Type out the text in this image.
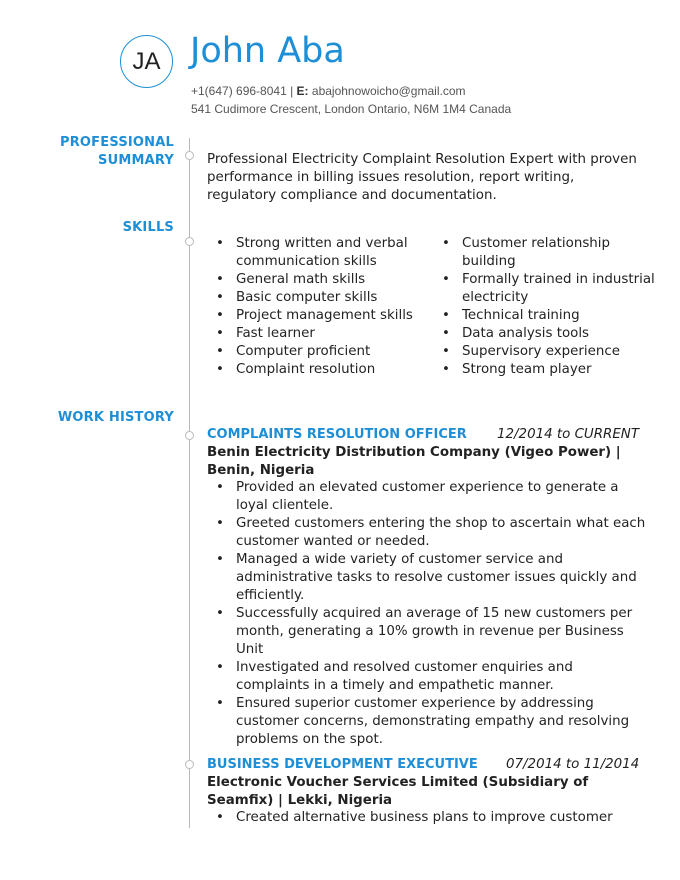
JA John Aba
+1(647) 696-8041 | E: abajohnowoicho@gmail.com
541 Cudimore Crescent, London Ontario, N6M 1M4 Canada
PROFESSIONAL
SUMMARY Professional Electricity Complaint Resolution Expert with proven
performance in billing issues resolution, report writing,
regulatory compliance and documentation.
SKILLS
• Strong written and verbal
communication skills
• General math skills
• Basic computer skills
• Project management skills
• Fast learner
• Computer proficient
• Complaint resolution
• Customer relationship
building
• Formally trained in industrial
electricity
• Technical training
• Data analysis tools
• Supervisory experience
• Strong team player
WORK HISTORY
COMPLAINTS RESOLUTION OFFICER 12/2014 to CURRENT
Benin Electricity Distribution Company (Vigeo Power) |
Benin, Nigeria
• Provided an elevated customer experience to generate a
loyal clientele.
• Greeted customers entering the shop to ascertain what each
customer wanted or needed.
• Managed a wide variety of customer service and
administrative tasks to resolve customer issues quickly and
efficiently.
• Successfully acquired an average of 15 new customers per
month, generating a 10% growth in revenue per Business
Unit
• Investigated and resolved customer enquiries and
complaints in a timely and empathetic manner.
• Ensured superior customer experience by addressing
customer concerns, demonstrating empathy and resolving
problems on the spot.
BUSINESS DEVELOPMENT EXECUTIVE 07/2014 to 11/2014
Electronic Voucher Services Limited (Subsidiary of
Seamfix) | Lekki, Nigeria
• Created alternative business plans to improve customer
